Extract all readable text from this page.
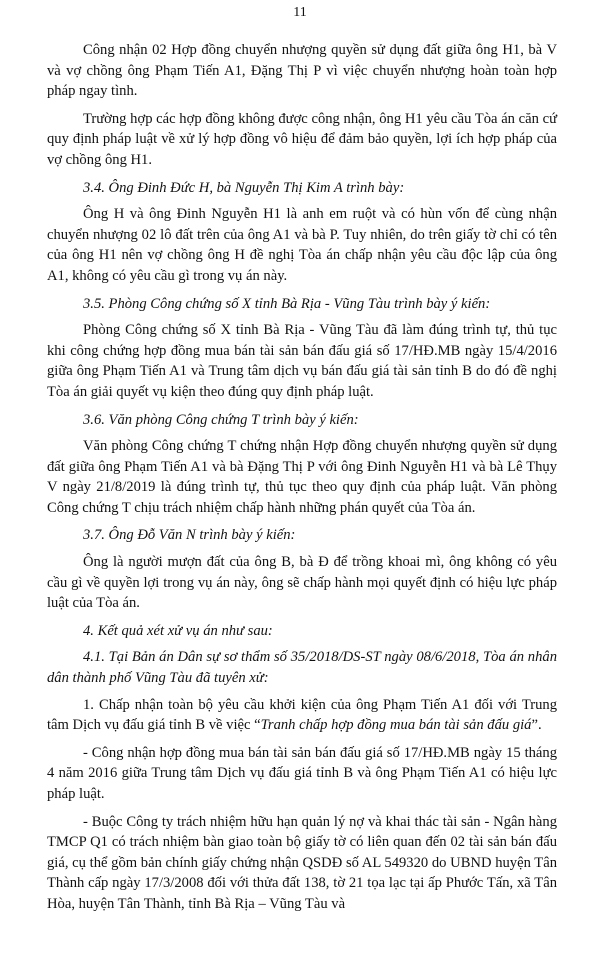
11

Công nhận 02 Hợp đồng chuyển nhượng quyền sử dụng đất giữa ông H1, bà V và vợ chồng ông Phạm Tiến A1, Đặng Thị P vì việc chuyển nhượng hoàn toàn hợp pháp ngay tình.

Trường hợp các hợp đồng không được công nhận, ông H1 yêu cầu Tòa án căn cứ quy định pháp luật về xử lý hợp đồng vô hiệu để đảm bảo quyền, lợi ích hợp pháp của vợ chồng ông H1.

3.4. Ông Đinh Đức H, bà Nguyễn Thị Kim A trình bày:

Ông H và ông Đinh Nguyễn H1 là anh em ruột và có hùn vốn để cùng nhận chuyển nhượng 02 lô đất trên của ông A1 và bà P. Tuy nhiên, do trên giấy tờ chỉ có tên của ông H1 nên vợ chồng ông H đề nghị Tòa án chấp nhận yêu cầu độc lập của ông A1, không có yêu cầu gì trong vụ án này.

3.5. Phòng Công chứng số X tỉnh Bà Rịa - Vũng Tàu trình bày ý kiến:

Phòng Công chứng số X tỉnh Bà Rịa - Vũng Tàu đã làm đúng trình tự, thủ tục khi công chứng hợp đồng mua bán tài sản bán đấu giá số 17/HĐ.MB ngày 15/4/2016 giữa ông Phạm Tiến A1 và Trung tâm dịch vụ bán đấu giá tài sản tỉnh B do đó đề nghị Tòa án giải quyết vụ kiện theo đúng quy định pháp luật.

3.6. Văn phòng Công chứng T trình bày ý kiến:

Văn phòng Công chứng T chứng nhận Hợp đồng chuyển nhượng quyền sử dụng đất giữa ông Phạm Tiến A1 và bà Đặng Thị P với ông Đinh Nguyễn H1 và bà Lê Thụy V ngày 21/8/2019 là đúng trình tự, thủ tục theo quy định của pháp luật. Văn phòng Công chứng T chịu trách nhiệm chấp hành những phán quyết của Tòa án.

3.7. Ông Đỗ Văn N trình bày ý kiến:

Ông là người mượn đất của ông B, bà Đ để trồng khoai mì, ông không có yêu cầu gì về quyền lợi trong vụ án này, ông sẽ chấp hành mọi quyết định có hiệu lực pháp luật của Tòa án.

4. Kết quả xét xử vụ án như sau:

4.1. Tại Bản án Dân sự sơ thẩm số 35/2018/DS-ST ngày 08/6/2018, Tòa án nhân dân thành phố Vũng Tàu đã tuyên xử:

1. Chấp nhận toàn bộ yêu cầu khởi kiện của ông Phạm Tiến A1 đối với Trung tâm Dịch vụ đấu giá tỉnh B về việc “Tranh chấp hợp đồng mua bán tài sản đấu giá”.

- Công nhận hợp đồng mua bán tài sản bán đấu giá số 17/HĐ.MB ngày 15 tháng 4 năm 2016 giữa Trung tâm Dịch vụ đấu giá tỉnh B và ông Phạm Tiến A1 có hiệu lực pháp luật.

- Buộc Công ty trách nhiệm hữu hạn quản lý nợ và khai thác tài sản - Ngân hàng TMCP Q1 có trách nhiệm bàn giao toàn bộ giấy tờ có liên quan đến 02 tài sản bán đấu giá, cụ thể gồm bản chính giấy chứng nhận QSDĐ số AL 549320 do UBND huyện Tân Thành cấp ngày 17/3/2008 đối với thửa đất 138, tờ 21 tọa lạc tại ấp Phước Tấn, xã Tân Hòa, huyện Tân Thành, tỉnh Bà Rịa – Vũng Tàu và
